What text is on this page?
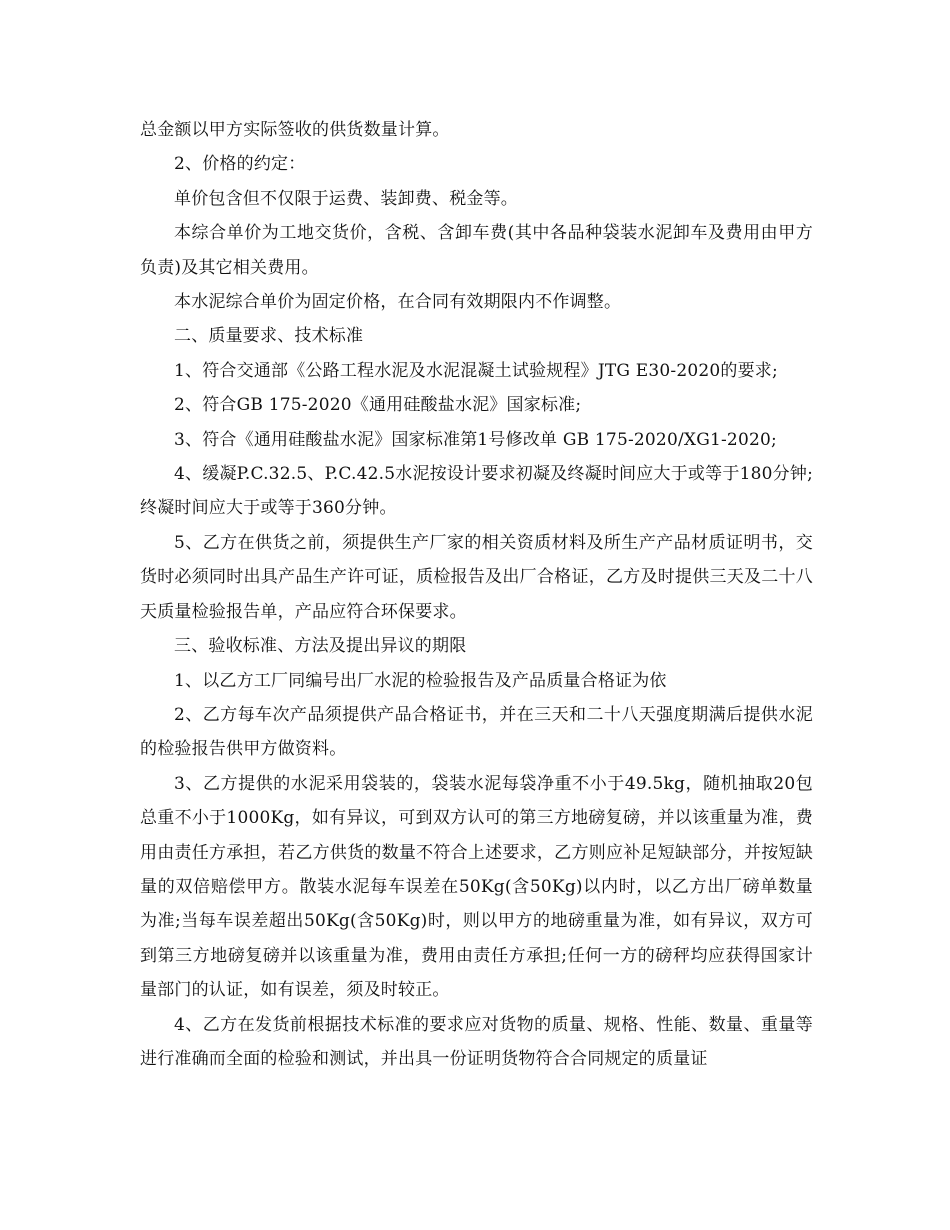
总金额以甲方实际签收的供货数量计算。

2、价格的约定：

单价包含但不仅限于运费、装卸费、税金等。

本综合单价为工地交货价，含税、含卸车费(其中各品种袋装水泥卸车及费用由甲方负责)及其它相关费用。

本水泥综合单价为固定价格，在合同有效期限内不作调整。

二、质量要求、技术标准

1、符合交通部《公路工程水泥及水泥混凝土试验规程》JTG E30-2020的要求;

2、符合GB 175-2020《通用硅酸盐水泥》国家标准;

3、符合《通用硅酸盐水泥》国家标准第1号修改单 GB 175-2020/XG1-2020;

4、缓凝P.C.32.5、P.C.42.5水泥按设计要求初凝及终凝时间应大于或等于180分钟;终凝时间应大于或等于360分钟。

5、乙方在供货之前，须提供生产厂家的相关资质材料及所生产产品材质证明书，交货时必须同时出具产品生产许可证，质检报告及出厂合格证，乙方及时提供三天及二十八天质量检验报告单，产品应符合环保要求。

三、验收标准、方法及提出异议的期限

1、以乙方工厂同编号出厂水泥的检验报告及产品质量合格证为依

2、乙方每车次产品须提供产品合格证书，并在三天和二十八天强度期满后提供水泥的检验报告供甲方做资料。

3、乙方提供的水泥采用袋装的，袋装水泥每袋净重不小于49.5kg，随机抽取20包总重不小于1000Kg，如有异议，可到双方认可的第三方地磅复磅，并以该重量为准，费用由责任方承担，若乙方供货的数量不符合上述要求，乙方则应补足短缺部分，并按短缺量的双倍赔偿甲方。散装水泥每车误差在50Kg(含50Kg)以内时，以乙方出厂磅单数量为准;当每车误差超出50Kg(含50Kg)时，则以甲方的地磅重量为准，如有异议，双方可到第三方地磅复磅并以该重量为准，费用由责任方承担;任何一方的磅秤均应获得国家计量部门的认证，如有误差，须及时较正。

4、乙方在发货前根据技术标准的要求应对货物的质量、规格、性能、数量、重量等进行准确而全面的检验和测试，并出具一份证明货物符合合同规定的质量证
